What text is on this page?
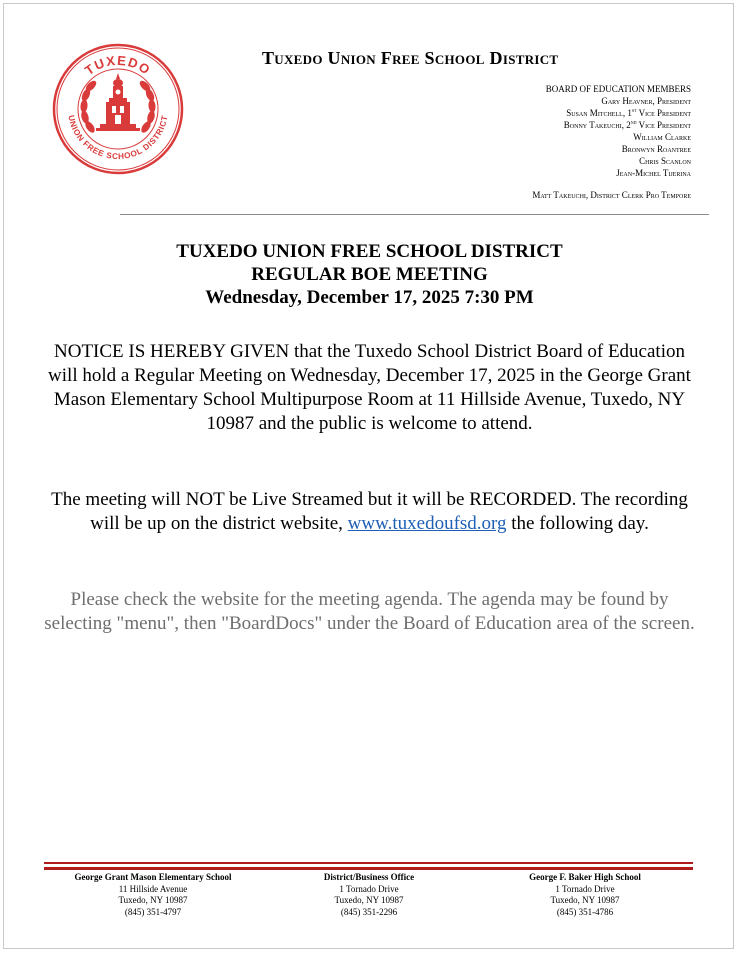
TUXEDO
UNION FREE SCHOOL DISTRICT
Tuxedo Union Free School District
BOARD OF EDUCATION MEMBERS
Gary Heavner, President
Susan Mitchell, 1st Vice President
Bonny Takeuchi, 2nd Vice President
William Clarke
Bronwyn Roantree
Chris Scanlon
Jean-Michel Tijerina
Matt Takeuchi, District Clerk Pro Tempore
TUXEDO UNION FREE SCHOOL DISTRICT
REGULAR BOE MEETING
Wednesday, December 17, 2025 7:30 PM
NOTICE IS HEREBY GIVEN that the Tuxedo School District Board of Education will hold a Regular Meeting on Wednesday, December 17, 2025 in the George Grant Mason Elementary School Multipurpose Room at 11 Hillside Avenue, Tuxedo, NY 10987 and the public is welcome to attend.
The meeting will NOT be Live Streamed but it will be RECORDED. The recording will be up on the district website, www.tuxedoufsd.org the following day.
Please check the website for the meeting agenda. The agenda may be found by selecting "menu", then "BoardDocs" under the Board of Education area of the screen.
George Grant Mason Elementary School
11 Hillside Avenue
Tuxedo, NY 10987
(845) 351-4797
District/Business Office
1 Tornado Drive
Tuxedo, NY 10987
(845) 351-2296
George F. Baker High School
1 Tornado Drive
Tuxedo, NY 10987
(845) 351-4786
